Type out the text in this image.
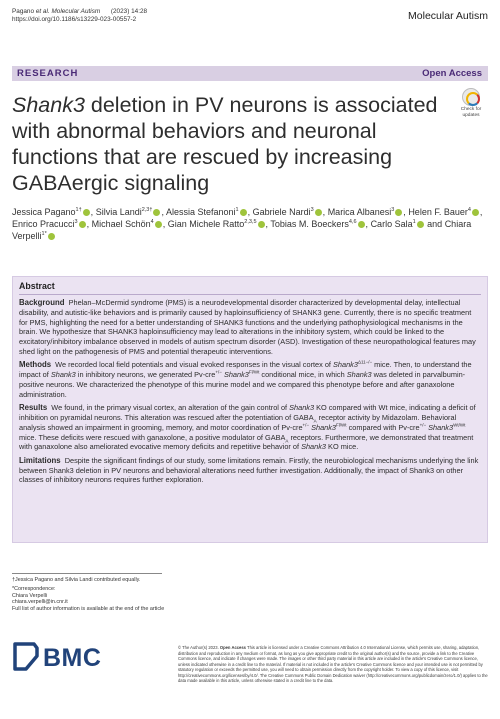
Pagano et al. Molecular Autism (2023) 14:28
https://doi.org/10.1186/s13229-023-00557-2	Molecular Autism
RESEARCH	Open Access
Check for
updates
Shank3 deletion in PV neurons is associated with abnormal behaviors and neuronal functions that are rescued by increasing GABAergic signaling
Jessica Pagano$^{1\dagger}$ , Silvia Landi$^{2,3\dagger}$ , Alessia Stefanoni$^1$ , Gabriele Nardi$^3$ , Marica Albanesi$^3$ , Helen F. Bauer$^4$ , Enrico Pracucci$^3$ , Michael Schön$^4$ , Gian Michele Ratto$^{2,3,5}$ , Tobias M. Boeckers$^{4,6}$ , Carlo Sala$^1$ and Chiara Verpelli$^{1*}$
Abstract

Background Phelan–McDermid syndrome (PMS) is a neurodevelopmental disorder characterized by developmental delay, intellectual disability, and autistic-like behaviors and is primarily caused by haploinsufficiency of SHANK3 gene. Currently, there is no specific treatment for PMS, highlighting the need for a better understanding of SHANK3 functions and the underlying pathophysiological mechanisms in the brain. We hypothesize that SHANK3 haploinsufficiency may lead to alterations in the inhibitory system, which could be linked to the excitatory/inhibitory imbalance observed in models of autism spectrum disorder (ASD). Investigation of these neuropathological features may shed light on the pathogenesis of PMS and potential therapeutic interventions.

Methods We recorded local field potentials and visual evoked responses in the visual cortex of $Shank3^{\Delta 11-/-}$ mice. Then, to understand the impact of Shank3 in inhibitory neurons, we generated Pv-cre+/− $Shank3^{Fl/Wt}$ conditional mice, in which Shank3 was deleted in parvalbumin-positive neurons. We characterized the phenotype of this murine model and we compared this phenotype before and after ganaxolone administration.

Results We found, in the primary visual cortex, an alteration of the gain control of Shank3 KO compared with Wt mice, indicating a deficit of inhibition on pyramidal neurons. This alteration was rescued after the potentiation of $GABA_A$ receptor activity by Midazolam. Behavioral analysis showed an impairment in grooming, memory, and motor coordination of Pv-cre+/− $Shank3^{Fl/Wt}$ compared with Pv-cre+/− $Shank3^{Wt/Wt}$ mice. These deficits were rescued with ganaxolone, a positive modulator of $GABA_A$ receptors. Furthermore, we demonstrated that treatment with ganaxolone also ameliorated evocative memory deficits and repetitive behavior of Shank3 KO mice.

Limitations Despite the significant findings of our study, some limitations remain. Firstly, the neurobiological mechanisms underlying the link between Shank3 deletion in PV neurons and behavioral alterations need further investigation. Additionally, the impact of Shank3 on other classes of inhibitory neurons requires further exploration.

†Jessica Pagano and Silvia Landi contributed equally.
*Correspondence:
Chiara Verpelli
chiara.verpelli@in.cnr.it
Full list of author information is available at the end of the article
BMC	© The Author(s) 2023. Open Access This article is licensed under a Creative Commons Attribution 4.0 International License, which permits use, sharing, adaptation, distribution and reproduction in any medium or format, as long as you give appropriate credit to the original author(s) and the source, provide a link to the Creative Commons licence, and indicate if changes were made. The images or other third party material in this article are included in the article's Creative Commons licence, unless indicated otherwise in a credit line to the material. If material is not included in the article's Creative Commons licence and your intended use is not permitted by statutory regulation or exceeds the permitted use, you will need to obtain permission directly from the copyright holder. To view a copy of this licence, visit http://creativecommons.org/licenses/by/4.0/. The Creative Commons Public Domain Dedication waiver (http://creativecommons.org/publicdomain/zero/1.0/) applies to the data made available in this article, unless otherwise stated in a credit line to the data.
